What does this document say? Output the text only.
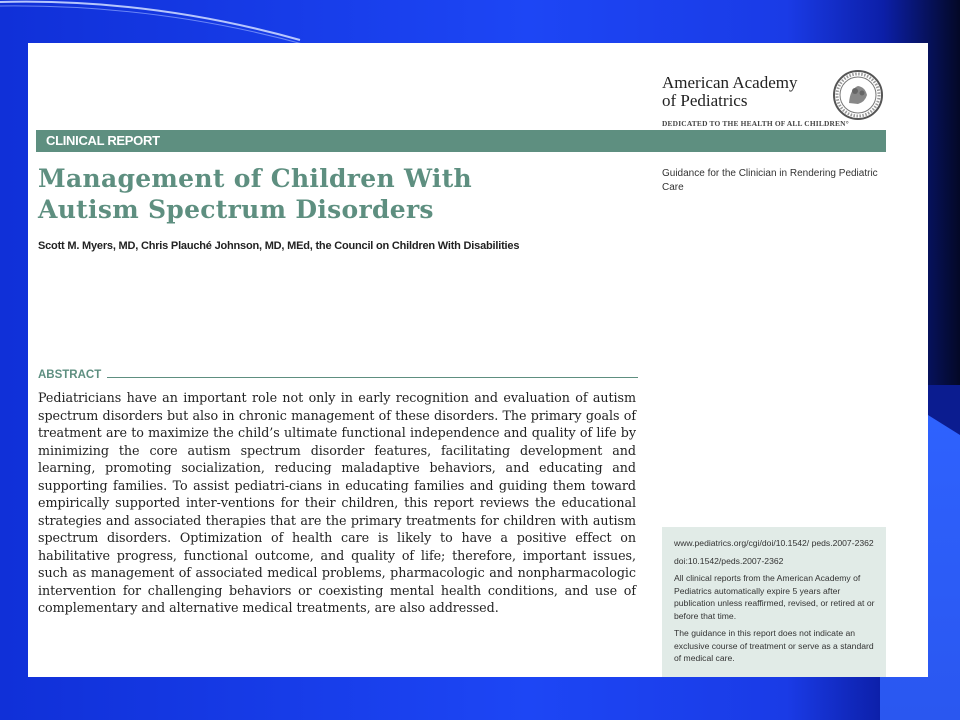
American Academy
of Pediatrics
DEDICATED TO THE HEALTH OF ALL CHILDREN°
CLINICAL REPORT
Management of Children With
Autism Spectrum Disorders
Scott M. Myers, MD, Chris Plauché Johnson, MD, MEd, the Council on Children With Disabilities
Guidance for the Clinician in Rendering Pediatric Care
ABSTRACT
Pediatricians have an important role not only in early recognition and evaluation of autism spectrum disorders but also in chronic management of these disorders. The primary goals of treatment are to maximize the child’s ultimate functional independence and quality of life by minimizing the core autism spectrum disorder features, facilitating development and learning, promoting socialization, reducing maladaptive behaviors, and educating and supporting families. To assist pediatri-cians in educating families and guiding them toward empirically supported inter-ventions for their children, this report reviews the educational strategies and associated therapies that are the primary treatments for children with autism spectrum disorders. Optimization of health care is likely to have a positive effect on habilitative progress, functional outcome, and quality of life; therefore, important issues, such as management of associated medical problems, pharmacologic and nonpharmacologic intervention for challenging behaviors or coexisting mental health conditions, and use of complementary and alternative medical treatments, are also addressed.

www.pediatrics.org/cgi/doi/10.1542/ peds.2007-2362

doi:10.1542/peds.2007-2362

All clinical reports from the American Academy of Pediatrics automatically expire 5 years after publication unless reaffirmed, revised, or retired at or before that time.

The guidance in this report does not indicate an exclusive course of treatment or serve as a standard of medical care.
